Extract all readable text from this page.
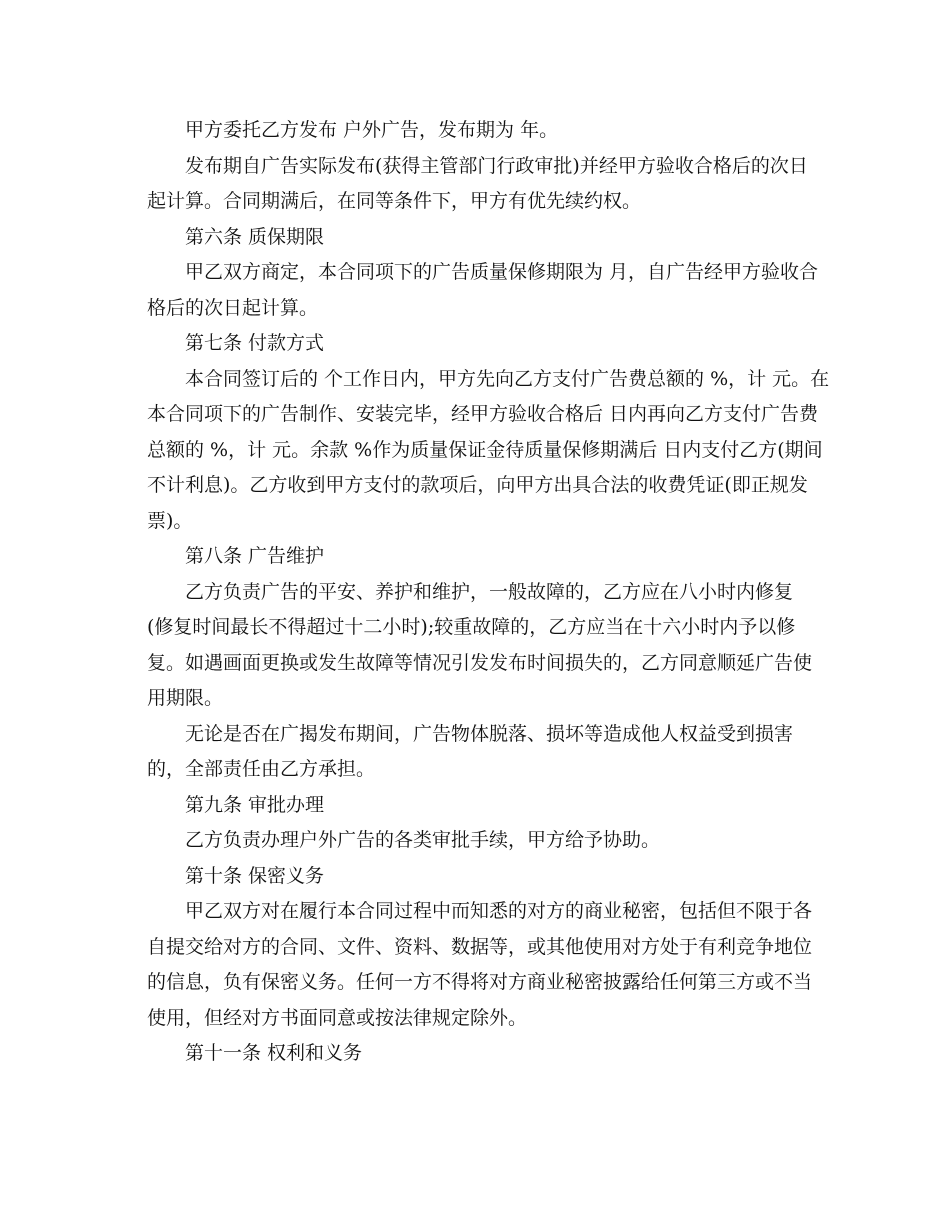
甲方委托乙方发布 户外广告，发布期为 年。
发布期自广告实际发布(获得主管部门行政审批)并经甲方验收合格后的次日
起计算。合同期满后，在同等条件下，甲方有优先续约权。
第六条 质保期限
甲乙双方商定，本合同项下的广告质量保修期限为 月，自广告经甲方验收合
格后的次日起计算。
第七条 付款方式
本合同签订后的 个工作日内，甲方先向乙方支付广告费总额的 %，计 元。在
本合同项下的广告制作、安装完毕，经甲方验收合格后 日内再向乙方支付广告费
总额的 %，计 元。余款 %作为质量保证金待质量保修期满后 日内支付乙方(期间
不计利息)。乙方收到甲方支付的款项后，向甲方出具合法的收费凭证(即正规发
票)。
第八条 广告维护
乙方负责广告的平安、养护和维护，一般故障的，乙方应在八小时内修复
(修复时间最长不得超过十二小时);较重故障的，乙方应当在十六小时内予以修
复。如遇画面更换或发生故障等情况引发发布时间损失的，乙方同意顺延广告使
用期限。
无论是否在广揭发布期间，广告物体脱落、损坏等造成他人权益受到损害
的，全部责任由乙方承担。
第九条 审批办理
乙方负责办理户外广告的各类审批手续，甲方给予协助。
第十条 保密义务
甲乙双方对在履行本合同过程中而知悉的对方的商业秘密，包括但不限于各
自提交给对方的合同、文件、资料、数据等，或其他使用对方处于有利竞争地位
的信息，负有保密义务。任何一方不得将对方商业秘密披露给任何第三方或不当
使用，但经对方书面同意或按法律规定除外。
第十一条 权利和义务
